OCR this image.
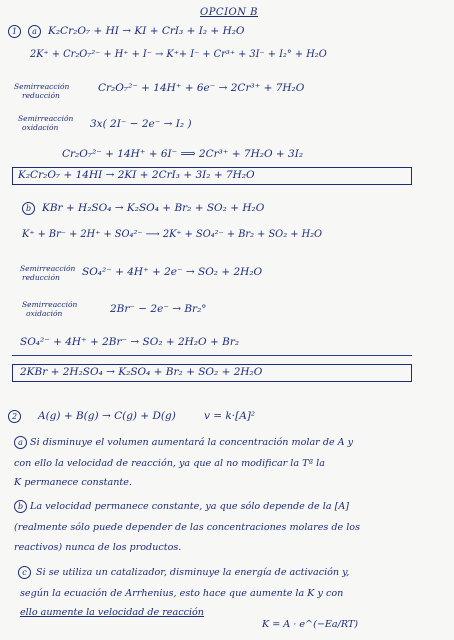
OPCION B
1	a	K₂Cr₂O₇ + HI → KI + CrI₃ + I₂ + H₂O
2K⁺ + Cr₂O₇²⁻ + H⁺ + I⁻ → K⁺+ I⁻ + Cr³⁺ + 3I⁻ + I₂° + H₂O
Semirreacción
reducción
Cr₂O₇²⁻ + 14H⁺ + 6e⁻ → 2Cr³⁺ + 7H₂O
Semirreacción
oxidación	3x( 2I⁻ − 2e⁻ → I₂ )
Cr₂O₇²⁻ + 14H⁺ + 6I⁻ ⟹ 2Cr³⁺ + 7H₂O + 3I₂
K₂Cr₂O₇ + 14HI → 2KI + 2CrI₃ + 3I₂ + 7H₂O
b	KBr + H₂SO₄ → K₂SO₄ + Br₂ + SO₂ + H₂O
K⁺ + Br⁻ + 2H⁺ + SO₄²⁻ ⟶ 2K⁺ + SO₄²⁻ + Br₂ + SO₂ + H₂O
Semirreacción
reducción SO₄²⁻ + 4H⁺ + 2e⁻ → SO₂ + 2H₂O
Semirreacción
oxidación	2Br⁻ − 2e⁻ → Br₂°
SO₄²⁻ + 4H⁺ + 2Br⁻ → SO₂ + 2H₂O + Br₂
2KBr + 2H₂SO₄ → K₂SO₄ + Br₂ + SO₂ + 2H₂O
2	A(g) + B(g) → C(g) + D(g)	v = k·[A]²
a Si disminuye el volumen aumentará la concentración molar de A y
con ello la velocidad de reacción, ya que al no modificar la Tª la
K permanece constante.
b La velocidad permanece constante, ya que sólo depende de la [A]
(realmente sólo puede depender de las concentraciones molares de los
reactivos) nunca de los productos.
c Si se utiliza un catalizador, disminuye la energía de activación y,
según la ecuación de Arrhenius, esto hace que aumente la K y con
ello aumente la velocidad de reacción
K = A · e^(−Ea/RT)
